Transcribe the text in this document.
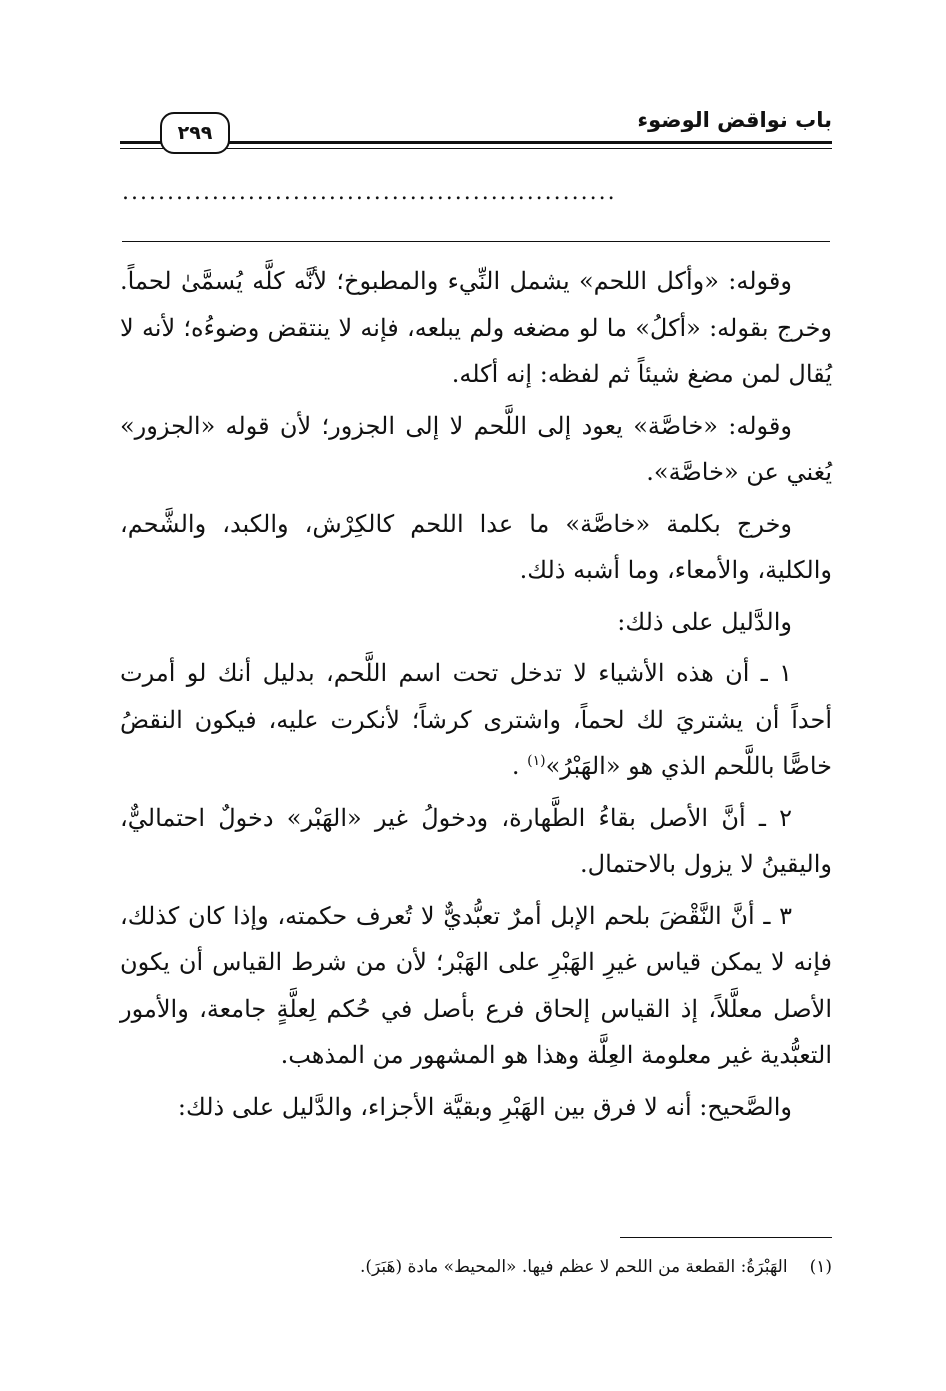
٢٩٩
باب نواقض الوضوء
.......................................................

وقوله: «وأكل اللحم» يشمل النِّيء والمطبوخ؛ لأنَّه كلَّه يُسمَّىٰ لحماً. وخرج بقوله: «أكلُ» ما لو مضغه ولم يبلعه، فإنه لا ينتقض وضوءُه؛ لأنه لا يُقال لمن مضغ شيئاً ثم لفظه: إنه أكله.

وقوله: «خاصَّة» يعود إلى اللَّحم لا إلى الجزور؛ لأن قوله «الجزور» يُغني عن «خاصَّة».

وخرج بكلمة «خاصَّة» ما عدا اللحم كالكِرْش، والكبد، والشَّحم، والكلية، والأمعاء، وما أشبه ذلك.

والدَّليل على ذلك:

١ ـ أن هذه الأشياء لا تدخل تحت اسم اللَّحم، بدليل أنك لو أمرت أحداً أن يشتريَ لك لحماً، واشترى كرشاً؛ لأنكرت عليه، فيكون النقضُ خاصًّا باللَّحم الذي هو «الهَبْرُ»$^{(١)}$ .

٢ ـ أنَّ الأصل بقاءُ الطَّهارة، ودخولُ غير «الهَبْر» دخولٌ احتماليٌّ، واليقينُ لا يزول بالاحتمال.

٣ ـ أنَّ النَّقْضَ بلحم الإبل أمرٌ تعبُّديٌّ لا تُعرف حكمته، وإذا كان كذلك، فإنه لا يمكن قياس غيرِ الهَبْرِ على الهَبْر؛ لأن من شرط القياس أن يكون الأصل معلَّلاً، إذ القياس إلحاق فرع بأصل في حُكم لِعلَّةٍ جامعة، والأمور التعبُّدية غير معلومة العِلَّة وهذا هو المشهور من المذهب.

والصَّحيح: أنه لا فرق بين الهَبْرِ وبقيَّة الأجزاء، والدَّليل على ذلك:

(١)الهَبْرَةُ: القطعة من اللحم لا عظم فيها. «المحيط» مادة (هَبَرَ).
